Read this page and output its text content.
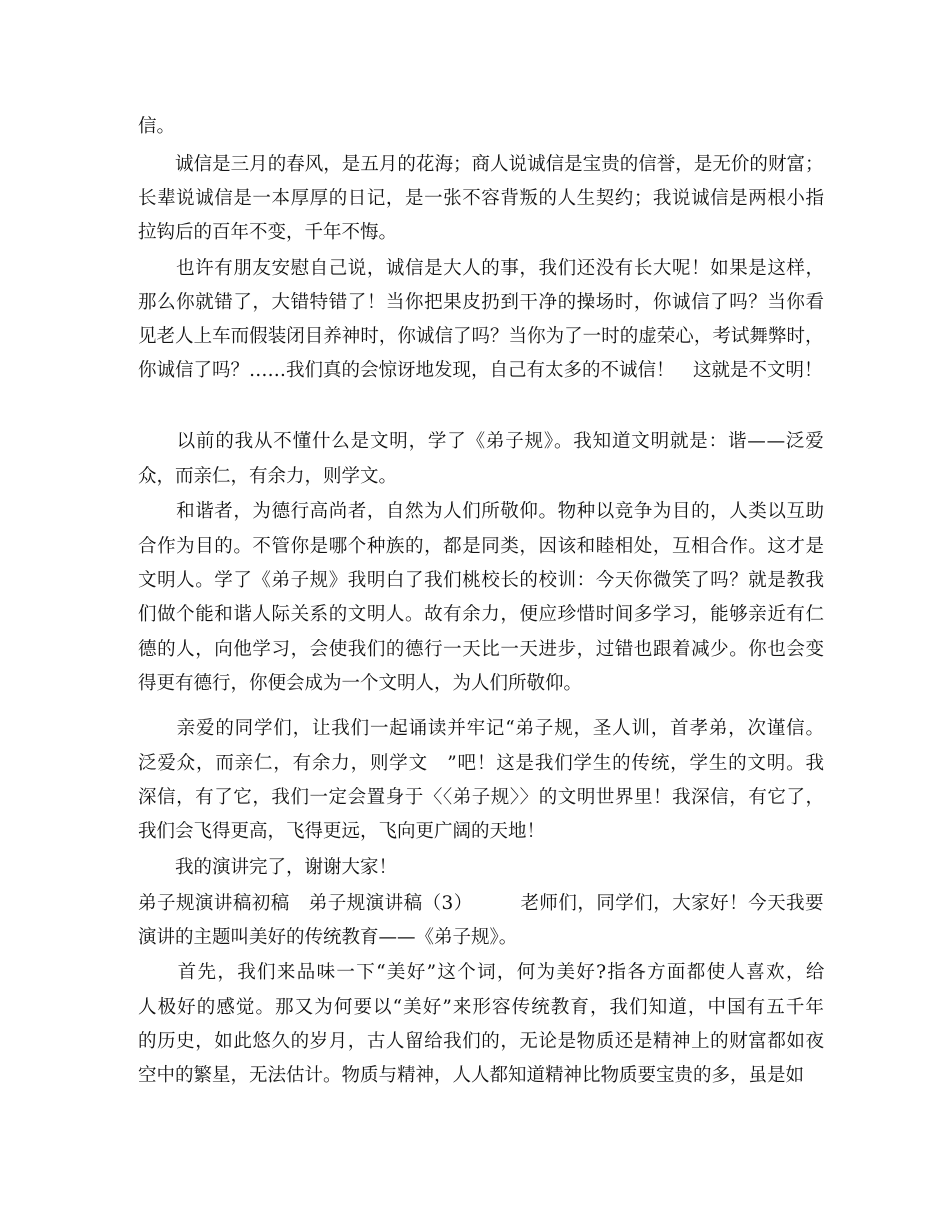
信。
　　诚信是三月的春风，是五月的花海；商人说诚信是宝贵的信誉，是无价的财富；
长辈说诚信是一本厚厚的日记，是一张不容背叛的人生契约；我说诚信是两根小指
拉钩后的百年不变，千年不悔。
　　也许有朋友安慰自己说，诚信是大人的事，我们还没有长大呢！如果是这样，
那么你就错了，大错特错了！当你把果皮扔到干净的操场时，你诚信了吗？当你看
见老人上车而假装闭目养神时，你诚信了吗？当你为了一时的虚荣心，考试舞弊时，
你诚信了吗？……我们真的会惊讶地发现，自己有太多的不诚信！　这就是不文明！
　　以前的我从不懂什么是文明，学了《弟子规》。我知道文明就是：谐——泛爱
众，而亲仁，有余力，则学文。
　　和谐者，为德行高尚者，自然为人们所敬仰。物种以竞争为目的，人类以互助
合作为目的。不管你是哪个种族的，都是同类，因该和睦相处，互相合作。这才是
文明人。学了《弟子规》我明白了我们桃校长的校训：今天你微笑了吗？就是教我
们做个能和谐人际关系的文明人。故有余力，便应珍惜时间多学习，能够亲近有仁
德的人，向他学习，会使我们的德行一天比一天进步，过错也跟着减少。你也会变
得更有德行，你便会成为一个文明人，为人们所敬仰。
　　亲爱的同学们，让我们一起诵读并牢记“弟子规，圣人训，首孝弟，次谨信。
泛爱众，而亲仁，有余力，则学文　”吧！这是我们学生的传统，学生的文明。我
深信，有了它，我们一定会置身于〈〈弟子规〉〉的文明世界里！我深信，有它了，
我们会飞得更高，飞得更远，飞向更广阔的天地！
　　我的演讲完了，谢谢大家！
弟子规演讲稿初稿　弟子规演讲稿（3）　　　老师们，同学们，大家好！今天我要
演讲的主题叫美好的传统教育——《弟子规》。
　　首先，我们来品味一下“美好”这个词，何为美好?指各方面都使人喜欢，给
人极好的感觉。那又为何要以“美好”来形容传统教育，我们知道，中国有五千年
的历史，如此悠久的岁月，古人留给我们的，无论是物质还是精神上的财富都如夜
空中的繁星，无法估计。物质与精神，人人都知道精神比物质要宝贵的多，虽是如
